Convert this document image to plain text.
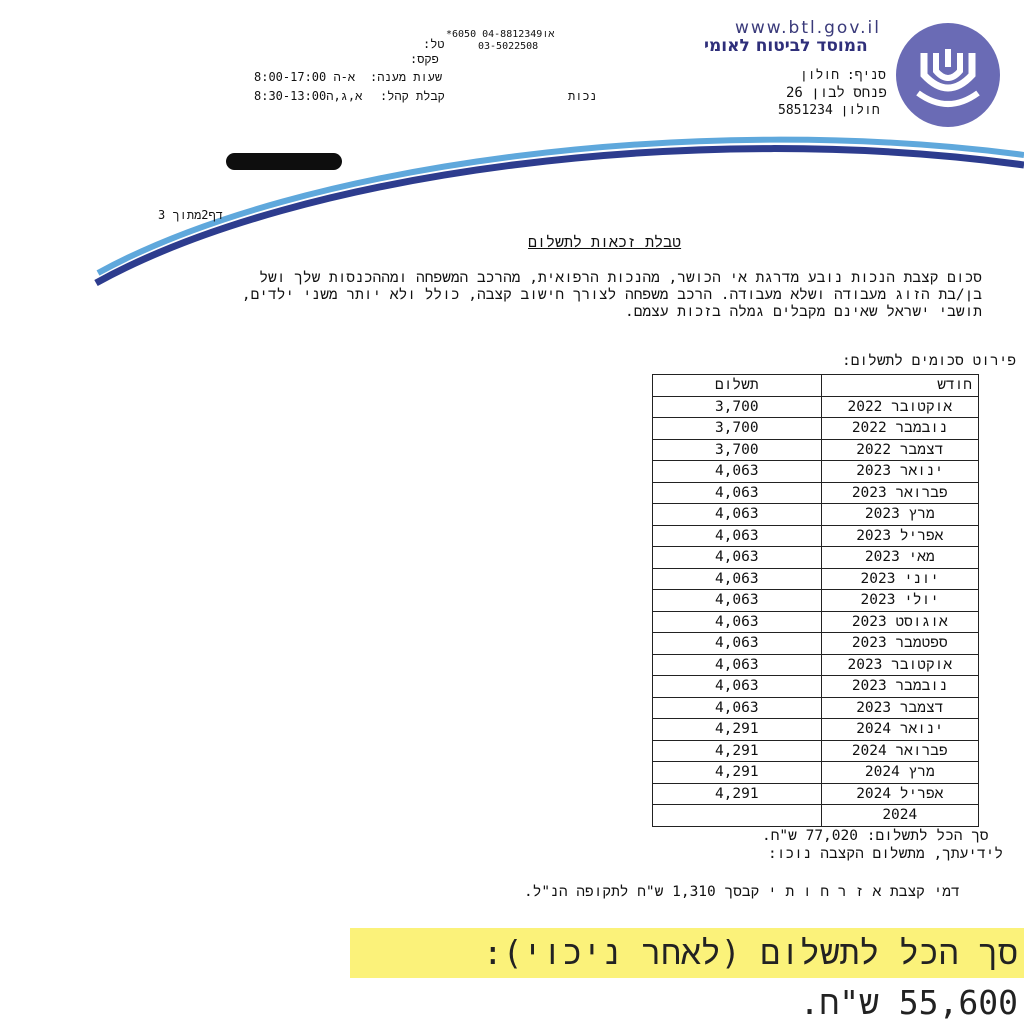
www.btl.gov.il
המוסד לביטוח לאומי
סניף: חולון
פנחס לבון 26
חולון 5851234
טל:
*6050 או04-8812349
03-5022508
פקס:
שעות מענה:
א-ה 8:00-17:00
קבלת קהל:
א,ג,ה8:30-13:00	נכות
דף2מתוך 3
טבלת זכאות לתשלום
סכום קצבת הנכות נובע מדרגת אי הכושר, מהנכות הרפואית, מהרכב המשפחה ומההכנסות שלך ושל בן/בת הזוג מעבודה ושלא מעבודה. הרכב משפחה לצורך חישוב קצבה, כולל ולא יותר משני ילדים, תושבי ישראל שאינם מקבלים גמלה בזכות עצמם.
פירוט סכומים לתשלום:
תשלום	חודש
3,700	אוקטובר 2022
3,700	נובמבר 2022
3,700	דצמבר 2022
4,063	ינואר 2023
4,063	פברואר 2023
4,063	מרץ 2023
4,063	אפריל 2023
4,063	מאי 2023
4,063	יוני 2023
4,063	יולי 2023
4,063	אוגוסט 2023
4,063	ספטמבר 2023
4,063	אוקטובר 2023
4,063	נובמבר 2023
4,063	דצמבר 2023
4,291	ינואר 2024
4,291	פברואר 2024
4,291	מרץ 2024
4,291	אפריל 2024
	2024
סך הכל לתשלום: 77,020 ש"ח.
לידיעתך, מתשלום הקצבה נוכו:
דמי קצבת א ז ר ח ו ת י קבסך 1,310 ש"ח לתקופה הנ"ל.
סך הכל לתשלום (לאחר ניכוי): 55,600 ש"ח.
